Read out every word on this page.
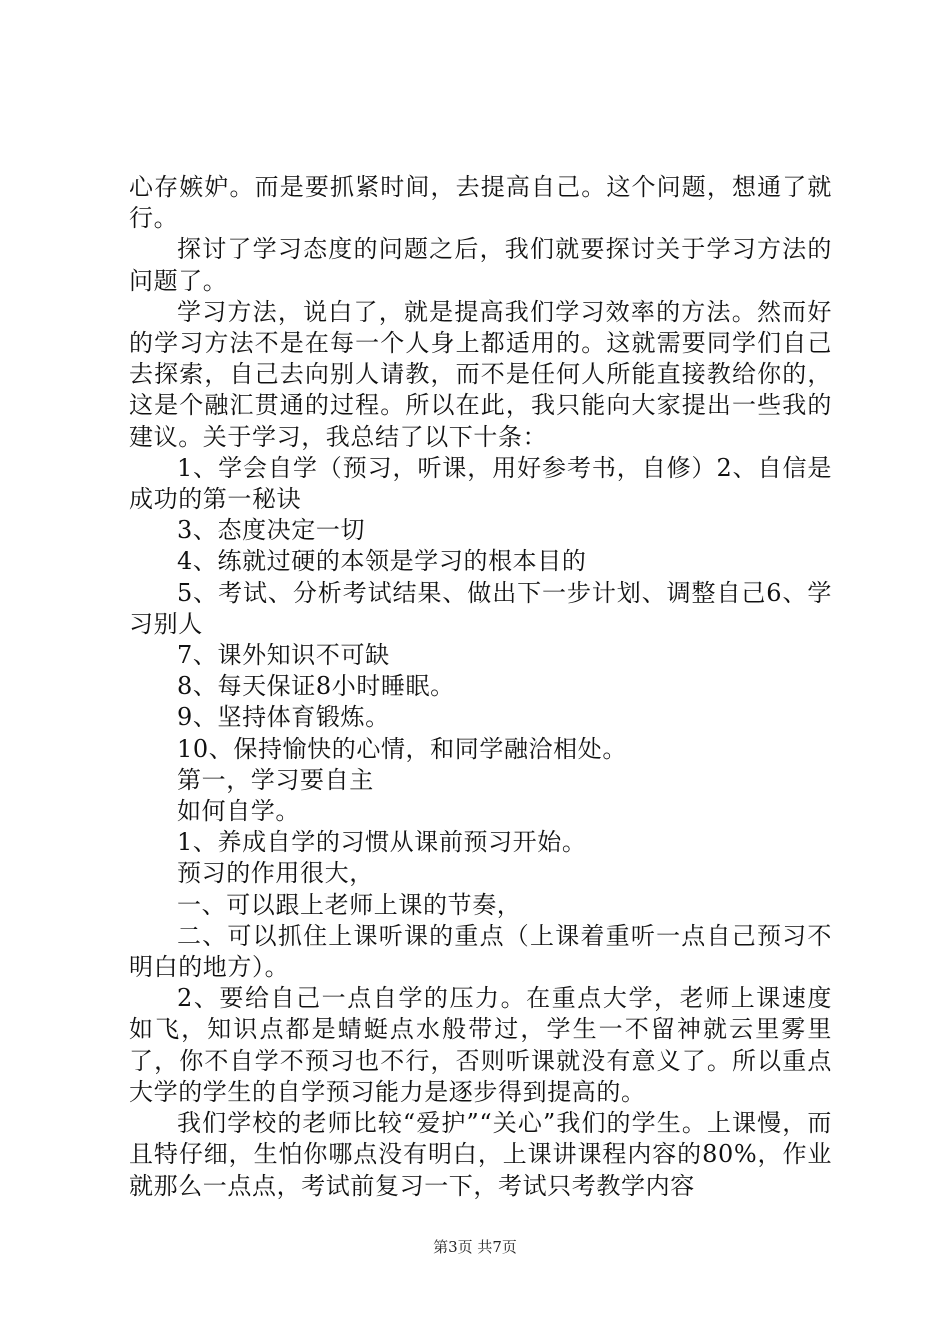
心存嫉妒。而是要抓紧时间，去提高自己。这个问题，想通了就行。

探讨了学习态度的问题之后，我们就要探讨关于学习方法的问题了。

学习方法，说白了，就是提高我们学习效率的方法。然而好的学习方法不是在每一个人身上都适用的。这就需要同学们自己去探索，自己去向别人请教，而不是任何人所能直接教给你的，这是个融汇贯通的过程。所以在此，我只能向大家提出一些我的建议。关于学习，我总结了以下十条：

1、学会自学（预习，听课，用好参考书，自修）2、自信是成功的第一秘诀

3、态度决定一切

4、练就过硬的本领是学习的根本目的

5、考试、分析考试结果、做出下一步计划、调整自己6、学习别人

7、课外知识不可缺

8、每天保证8小时睡眠。

9、坚持体育锻炼。

10、保持愉快的心情，和同学融洽相处。

第一，学习要自主

如何自学。

1、养成自学的习惯从课前预习开始。

预习的作用很大，

一、可以跟上老师上课的节奏，

二、可以抓住上课听课的重点（上课着重听一点自己预习不明白的地方）。

2、要给自己一点自学的压力。在重点大学，老师上课速度如飞，知识点都是蜻蜓点水般带过，学生一不留神就云里雾里了，你不自学不预习也不行，否则听课就没有意义了。所以重点大学的学生的自学预习能力是逐步得到提高的。

我们学校的老师比较“爱护”“关心”我们的学生。上课慢，而且特仔细，生怕你哪点没有明白，上课讲课程内容的80%，作业就那么一点点，考试前复习一下，考试只考教学内容

第3页 共7页
